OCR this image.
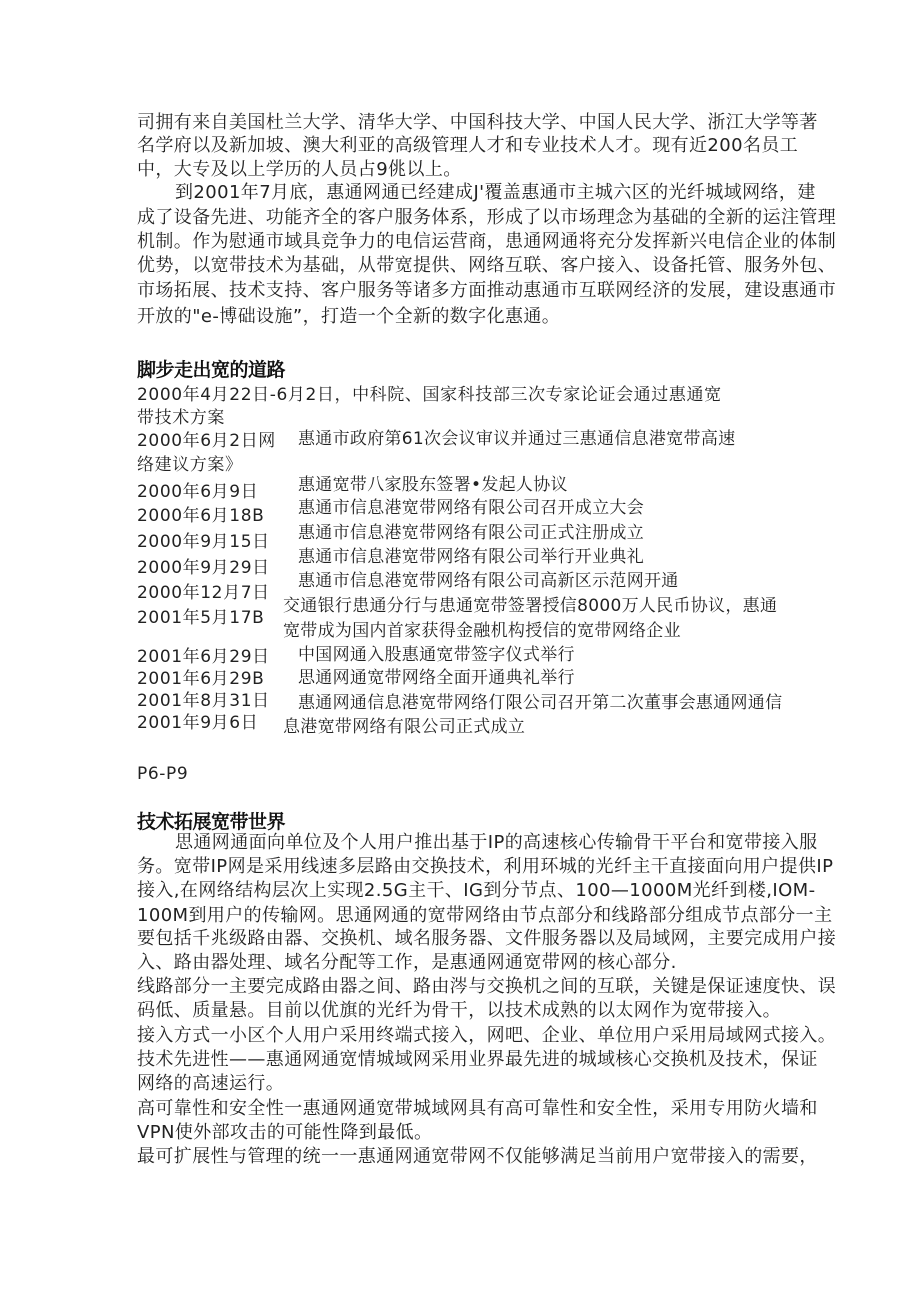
司拥有来自美国杜兰大学、清华大学、中国科技大学、中国人民大学、浙江大学等著
名学府以及新加坡、澳大利亚的高级管理人才和专业技术人才。现有近200名员工
中，大专及以上学历的人员占9佻以上。
到2001年7月底，惠通网通已经建成J'覆盖惠通市主城六区的光纤城域网络，建
成了设备先进、功能齐全的客户服务体系，形成了以市场理念为基础的全新的运注管理
机制。作为慰通市域具竞争力的电信运营商，患通网通将充分发挥新兴电信企业的体制
优势，以宽带技术为基础，从带宽提供、网络互联、客户接入、设备托管、服务外包、
市场拓展、技术支持、客户服务等诸多方面推动惠通市互联网经济的发展，建设惠通市
开放的"e-博础设施”，打造一个全新的数字化惠通。
脚步走出宽的道路
2000年4月22日-6月2日，中科院、国家科技部三次专家论证会通过惠通宽
带技术方案
2000年6月2日网
络建议方案》
2000年6月9日
2000年6月18B
2000年9月15日
2000年9月29日
2000年12月7日
2001年5月17B
2001年6月29日
2001年6月29B
2001年8月31日
2001年9月6日
惠通市政府第61次会议审议并通过三惠通信息港宽带高速
惠通宽带八家股东签署•发起人协议
惠通市信息港宽带网络有限公司召开成立大会
惠通市信息港宽带网络有限公司正式注册成立
惠通市信息港宽带网络有限公司举行开业典礼
惠通市信息港宽带网络有限公司高新区示范网开通
交通银行患通分行与患通宽带签署授信8000万人民币协议，惠通
宽带成为国内首家获得金融机构授信的宽带网络企业
中国网通入股惠通宽带签字仪式举行
思通网通宽带网络全面开通典礼举行
惠通网通信息港宽带网络仃限公司召开第二次董事会惠通网通信
息港宽带网络有限公司正式成立
P6-P9
技术拓展宽带世界
思通网通面向单位及个人用户推出基于IP的高速核心传输骨干平台和宽带接入服
务。宽带IP网是采用线速多层路由交换技术，利用环城的光纤主干直接面向用户提供IP
接入,在网络结构层次上实现2.5G主干、IG到分节点、100—1000M光纤到楼,IOM-
100M到用户的传输网。思通网通的宽带网络由节点部分和线路部分组成节点部分一主
要包括千兆级路由器、交换机、域名服务器、文件服务器以及局域网，主要完成用户接
入、路由器处理、域名分配等工作，是惠通网通宽带网的核心部分.
线路部分一主要完成路由器之间、路由涔与交换机之间的互联，关键是保证速度快、误
码低、质量悬。目前以优旗的光纤为骨干，以技术成熟的以太网作为宽带接入。
接入方式一小区个人用户采用终端式接入，网吧、企业、单位用户采用局域网式接入。
技术先进性——惠通网通宽情城域网采用业界最先进的城域核心交换机及技术，保证
网络的高速运行。
高可靠性和安全性一惠通网通宽带城域网具有高可靠性和安全性，采用专用防火墙和
VPN使外部攻击的可能性降到最低。
最可扩展性与管理的统一一惠通网通宽带网不仅能够满足当前用户宽带接入的需要，
